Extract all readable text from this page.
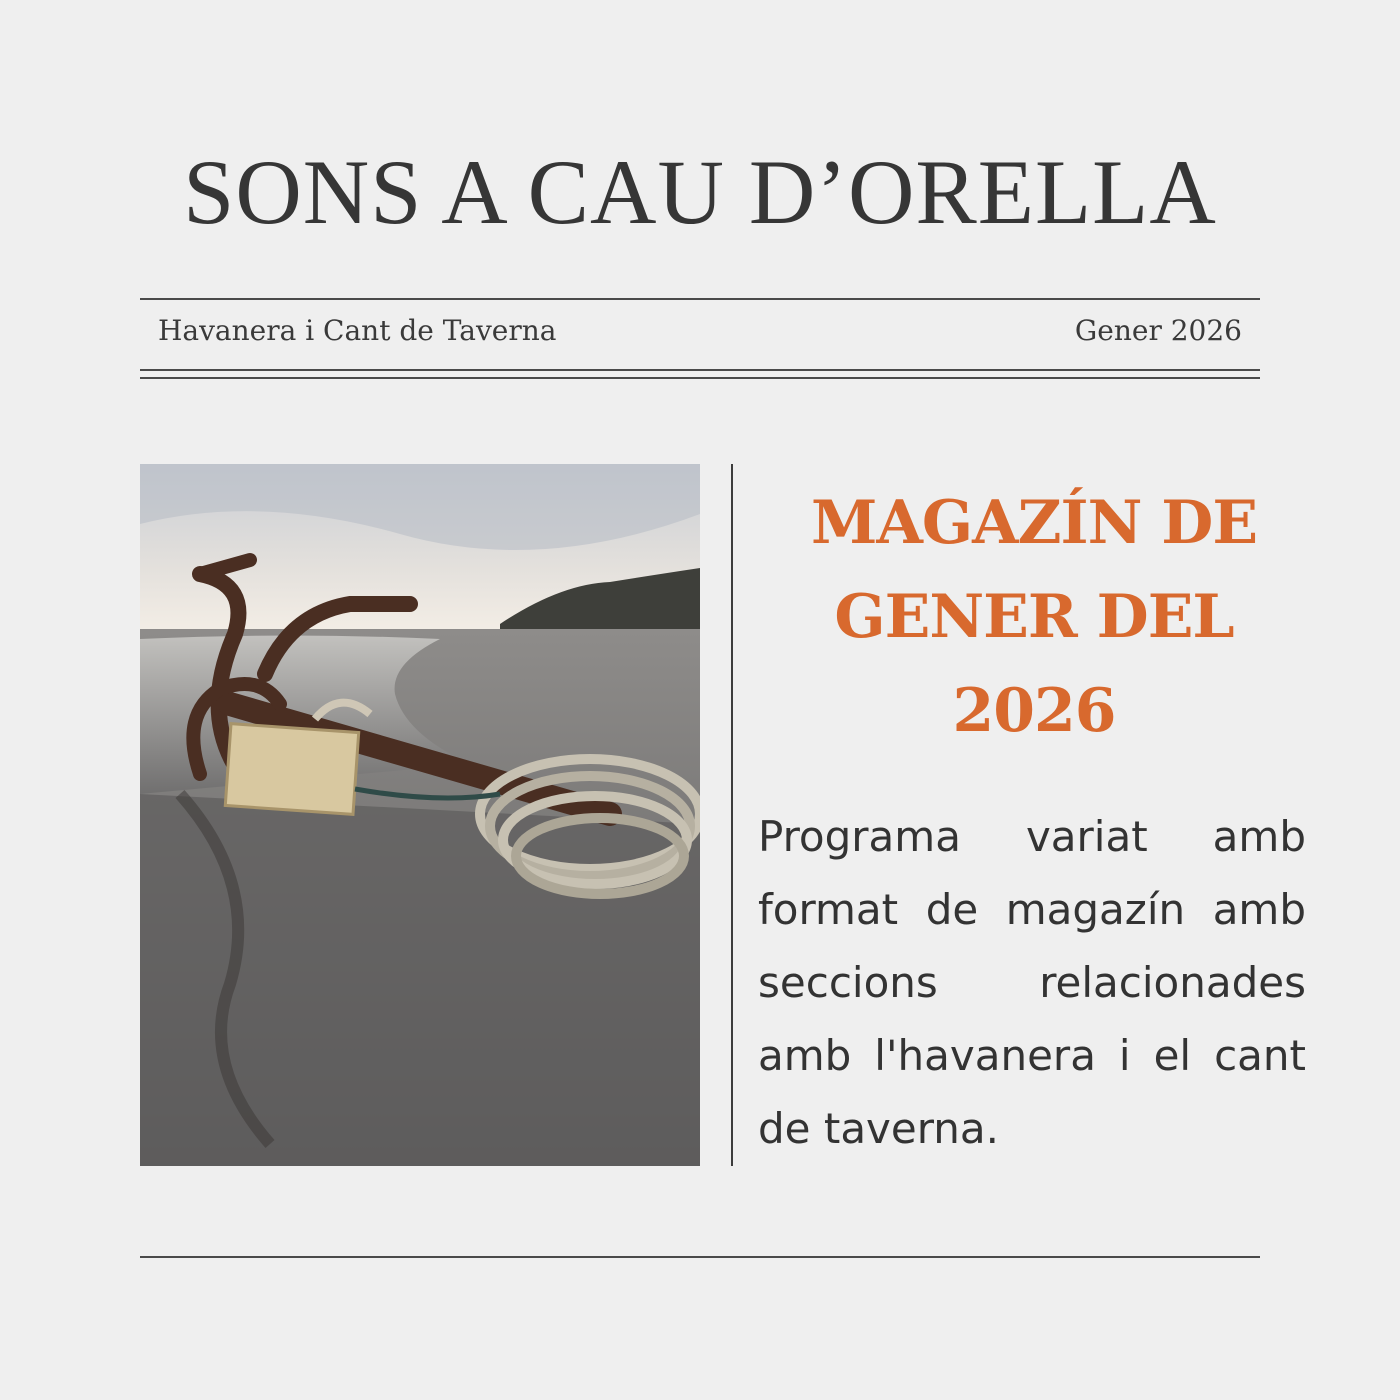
SONS A CAU D’ORELLA
Havanera i Cant de Taverna	Gener 2026
MAGAZÍN DE GENER DEL 2026
Programa variat amb format de magazín amb seccions relacionades amb l'havanera i el cant de taverna.
